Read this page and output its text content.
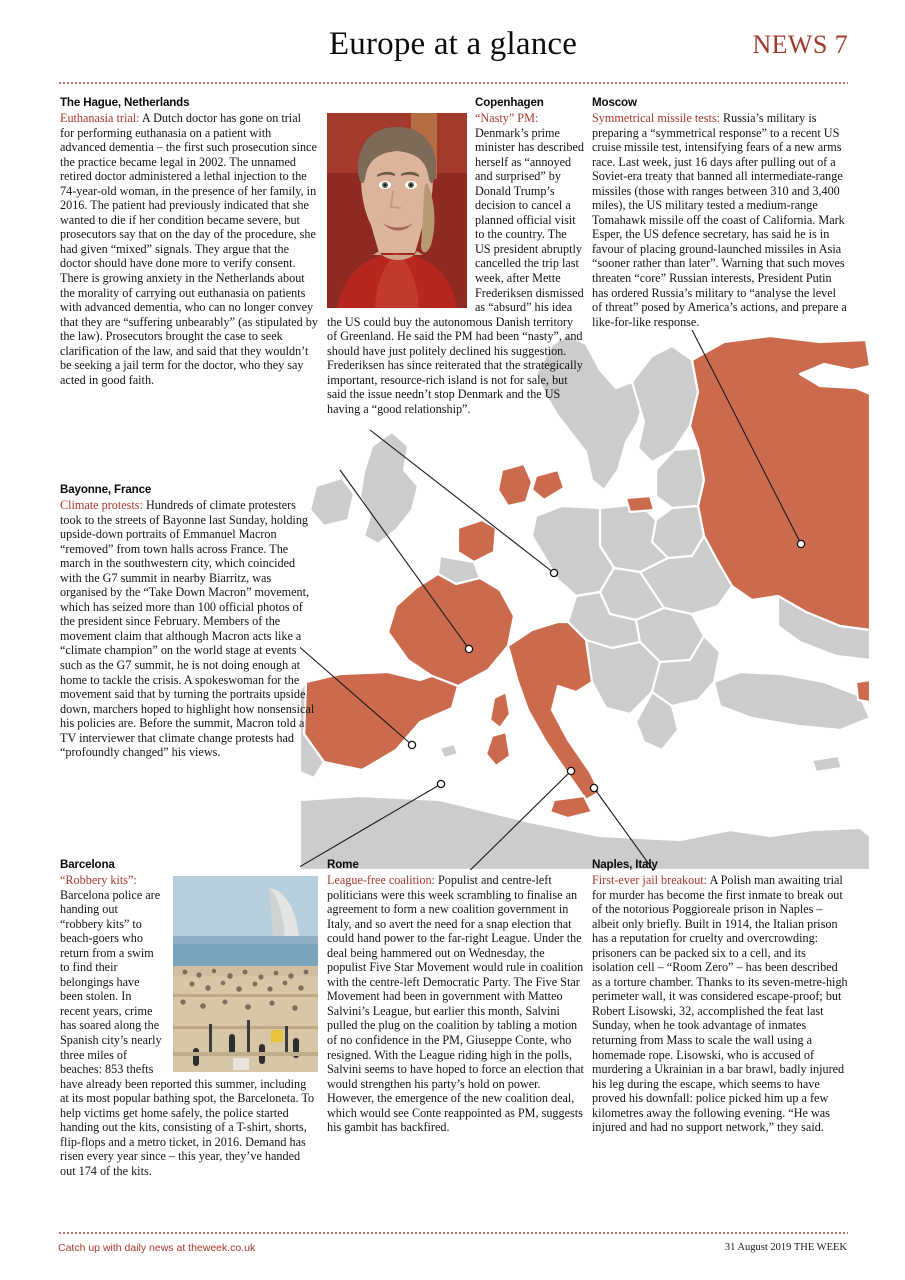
Europe at a glance	NEWS 7
The Hague, Netherlands
Euthanasia trial: A Dutch doctor has gone on trial for performing euthanasia on a patient with advanced dementia – the first such prosecution since the practice became legal in 2002. The unnamed retired doctor administered a lethal injection to the 74-year-old woman, in the presence of her family, in 2016. The patient had previously indicated that she wanted to die if her condition became severe, but prosecutors say that on the day of the procedure, she had given “mixed” signals. They argue that the doctor should have done more to verify consent. There is growing anxiety in the Netherlands about the morality of carrying out euthanasia on patients with advanced dementia, who can no longer convey that they are “suffering unbearably” (as stipulated by the law). Prosecutors brought the case to seek clarification of the law, and said that they wouldn’t be seeking a jail term for the doctor, who they say acted in good faith.
Bayonne, France
Climate protests: Hundreds of climate protesters took to the streets of Bayonne last Sunday, holding upside-down portraits of Emmanuel Macron “removed” from town halls across France. The march in the southwestern city, which coincided with the G7 summit in nearby Biarritz, was organised by the “Take Down Macron” movement, which has seized more than 100 official photos of the president since February. Members of the movement claim that although Macron acts like a “climate champion” on the world stage at events such as the G7 summit, he is not doing enough at home to tackle the crisis. A spokeswoman for the movement said that by turning the portraits upside down, marchers hoped to highlight how nonsensical his policies are. Before the summit, Macron told a TV interviewer that climate change protests had “profoundly changed” his views.
Barcelona
“Robbery kits”: Barcelona police are handing out “robbery kits” to beach-goers who return from a swim to find their belongings have been stolen. In recent years, crime has soared along the Spanish city’s nearly three miles of beaches: 853 thefts have already been reported this summer, including at its most popular bathing spot, the Barceloneta. To help victims get home safely, the police started handing out the kits, consisting of a T-shirt, shorts, flip-flops and a metro ticket, in 2016. Demand has risen every year since – this year, they’ve handed out 174 of the kits.
Copenhagen
“Nasty” PM: Denmark’s prime minister has described herself as “annoyed and surprised” by Donald Trump’s decision to cancel a planned official visit to the country. The US president abruptly cancelled the trip last week, after Mette Frederiksen dismissed as “absurd” his idea the US could buy the autonomous Danish territory of Greenland. He said the PM had been “nasty”, and should have just politely declined his suggestion. Frederiksen has since reiterated that the strategically important, resource-rich island is not for sale, but said the issue needn’t stop Denmark and the US having a “good relationship”.
Rome
League-free coalition: Populist and centre-left politicians were this week scrambling to finalise an agreement to form a new coalition government in Italy, and so avert the need for a snap election that could hand power to the far-right League. Under the deal being hammered out on Wednesday, the populist Five Star Movement would rule in coalition with the centre-left Democratic Party. The Five Star Movement had been in government with Matteo Salvini’s League, but earlier this month, Salvini pulled the plug on the coalition by tabling a motion of no confidence in the PM, Giuseppe Conte, who resigned. With the League riding high in the polls, Salvini seems to have hoped to force an election that would strengthen his party’s hold on power. However, the emergence of the new coalition deal, which would see Conte reappointed as PM, suggests his gambit has backfired.
Moscow
Symmetrical missile tests: Russia’s military is preparing a “symmetrical response” to a recent US cruise missile test, intensifying fears of a new arms race. Last week, just 16 days after pulling out of a Soviet-era treaty that banned all intermediate-range missiles (those with ranges between 310 and 3,400 miles), the US military tested a medium-range Tomahawk missile off the coast of California. Mark Esper, the US defence secretary, has said he is in favour of placing ground-launched missiles in Asia “sooner rather than later”. Warning that such moves threaten “core” Russian interests, President Putin has ordered Russia’s military to “analyse the level of threat” posed by America’s actions, and prepare a like-for-like response.
Naples, Italy
First-ever jail breakout: A Polish man awaiting trial for murder has become the first inmate to break out of the notorious Poggioreale prison in Naples – albeit only briefly. Built in 1914, the Italian prison has a reputation for cruelty and overcrowding: prisoners can be packed six to a cell, and its isolation cell – “Room Zero” – has been described as a torture chamber. Thanks to its seven-metre-high perimeter wall, it was considered escape-proof; but Robert Lisowski, 32, accomplished the feat last Sunday, when he took advantage of inmates returning from Mass to scale the wall using a homemade rope. Lisowski, who is accused of murdering a Ukrainian in a bar brawl, badly injured his leg during the escape, which seems to have proved his downfall: police picked him up a few kilometres away the following evening. “He was injured and had no support network,” they said.
Catch up with daily news at theweek.co.uk	31 August 2019 THE WEEK
